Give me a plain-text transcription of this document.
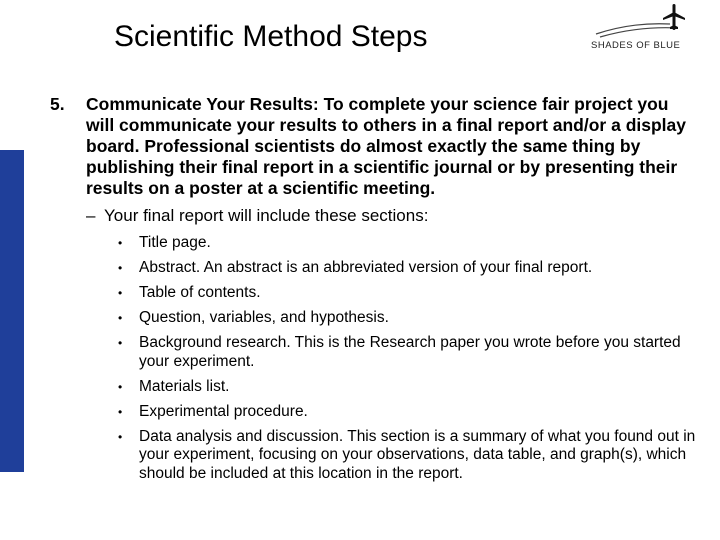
Scientific Method Steps	SHADES OF BLUE
5.	Communicate Your Results: To complete your science fair project you will communicate your results to others in a final report and/or a display board. Professional scientists do almost exactly the same thing by publishing their final report in a scientific journal or by presenting their results on a poster at a scientific meeting.
– Your final report will include these sections:
•	Title page.
•	Abstract. An abstract is an abbreviated version of your final report.
•	Table of contents.
•	Question, variables, and hypothesis.
•	Background research. This is the Research paper you wrote before you started your experiment.
•	Materials list.
•	Experimental procedure.
•	Data analysis and discussion. This section is a summary of what you found out in your experiment, focusing on your observations, data table, and graph(s), which should be included at this location in the report.
